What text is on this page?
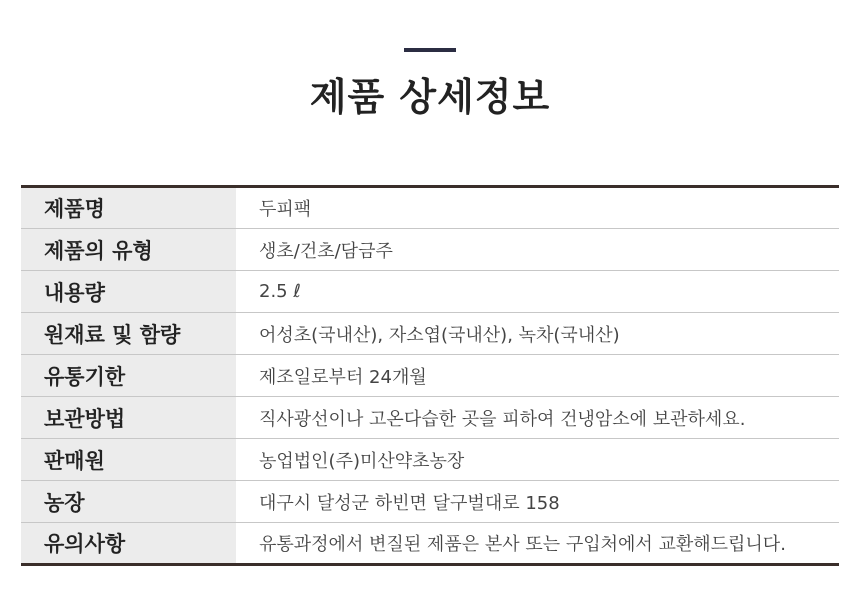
제품 상세정보
제품명	두피팩
제품의 유형	생초/건초/담금주
내용량	2.5 ℓ
원재료 및 함량	어성초(국내산), 자소엽(국내산), 녹차(국내산)
유통기한	제조일로부터 24개월
보관방법	직사광선이나 고온다습한 곳을 피하여 건냉암소에 보관하세요.
판매원	농업법인(주)미산약초농장
농장	대구시 달성군 하빈면 달구벌대로 158
유의사항	유통과정에서 변질된 제품은 본사 또는 구입처에서 교환해드립니다.
